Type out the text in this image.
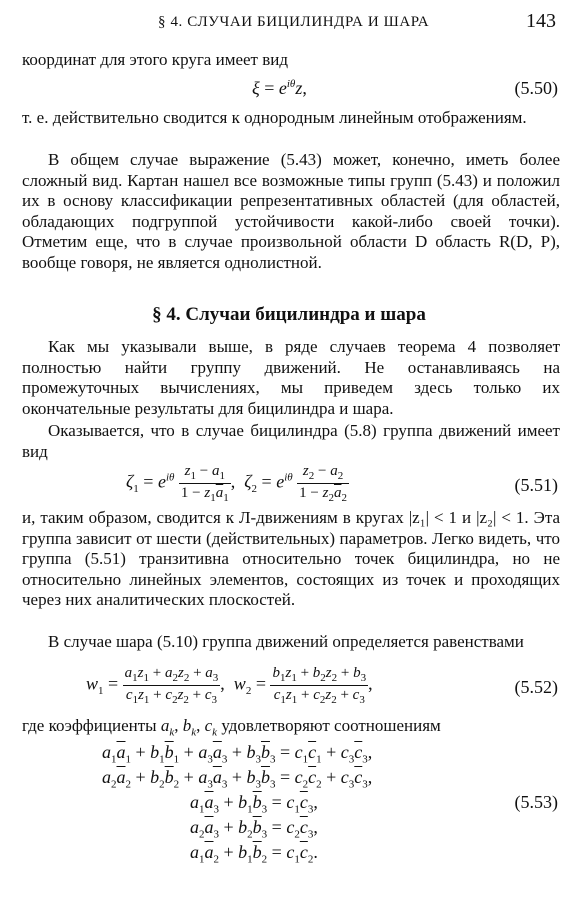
§ 4. СЛУЧАИ БИЦИЛИНДРА И ШАРА	143

координат для этого круга имеет вид

$\xi = e^{i\theta}z$,	(5.50)

т. е. действительно сводится к однородным линейным отображениям.

В общем случае выражение (5.43) может, конечно, иметь более сложный вид. Картан нашел все возможные типы групп (5.43) и положил их в основу классификации репрезентативных областей (для областей, обладающих подгруппой устойчивости какой-либо своей точки). Отметим еще, что в случае произвольной области D область R(D, P), вообще говоря, не является однолистной.

§ 4. Случаи бицилиндра и шара

Как мы указывали выше, в ряде случаев теорема 4 позволяет полностью найти группу движений. Не останавливаясь на промежуточных вычислениях, мы приведем здесь только их окончательные результаты для бицилиндра и шара.

Оказывается, что в случае бицилиндра (5.8) группа движений имеет вид

$\zeta_1 = e^{i\theta} \frac{z_1 - a_1}{1 - z_1\overline{a}_1}$ ,  $\zeta_2 = e^{i\theta} \frac{z_2 - a_2}{1 - z_2\overline{a}_2}$	(5.51)

и, таким образом, сводится к Л-движениям в кругах |z₁| < 1 и |z₂| < 1. Эта группа зависит от шести (действительных) параметров. Легко видеть, что группа (5.51) транзитивна относительно точек бицилиндра, но не относительно линейных элементов, состоящих из точек и проходящих через них аналитических плоскостей.

В случае шара (5.10) группа движений определяется равенствами

$w_1 = \frac{a_1z_1 + a_2z_2 + a_3}{c_1z_1 + c_2z_2 + c_3}$ ,  $w_2 = \frac{b_1z_1 + b_2z_2 + b_3}{c_1z_1 + c_2z_2 + c_3}$ ,	(5.52)

где коэффициенты $a_k$, $b_k$, $c_k$ удовлетворяют соотношениям

$a_1\overline{a}_1 + b_1\overline{b}_1 + a_3\overline{a}_3 + b_3\overline{b}_3 = c_1\overline{c}_1 + c_3\overline{c}_3$,
$a_2\overline{a}_2 + b_2\overline{b}_2 + a_3\overline{a}_3 + b_3\overline{b}_3 = c_2\overline{c}_2 + c_3\overline{c}_3$,
$a_1\overline{a}_3 + b_1\overline{b}_3 = c_1\overline{c}_3$,
$a_2\overline{a}_3 + b_2\overline{b}_3 = c_2\overline{c}_3$,
$a_1\overline{a}_2 + b_1\overline{b}_2 = c_1\overline{c}_2$.
(5.53)
